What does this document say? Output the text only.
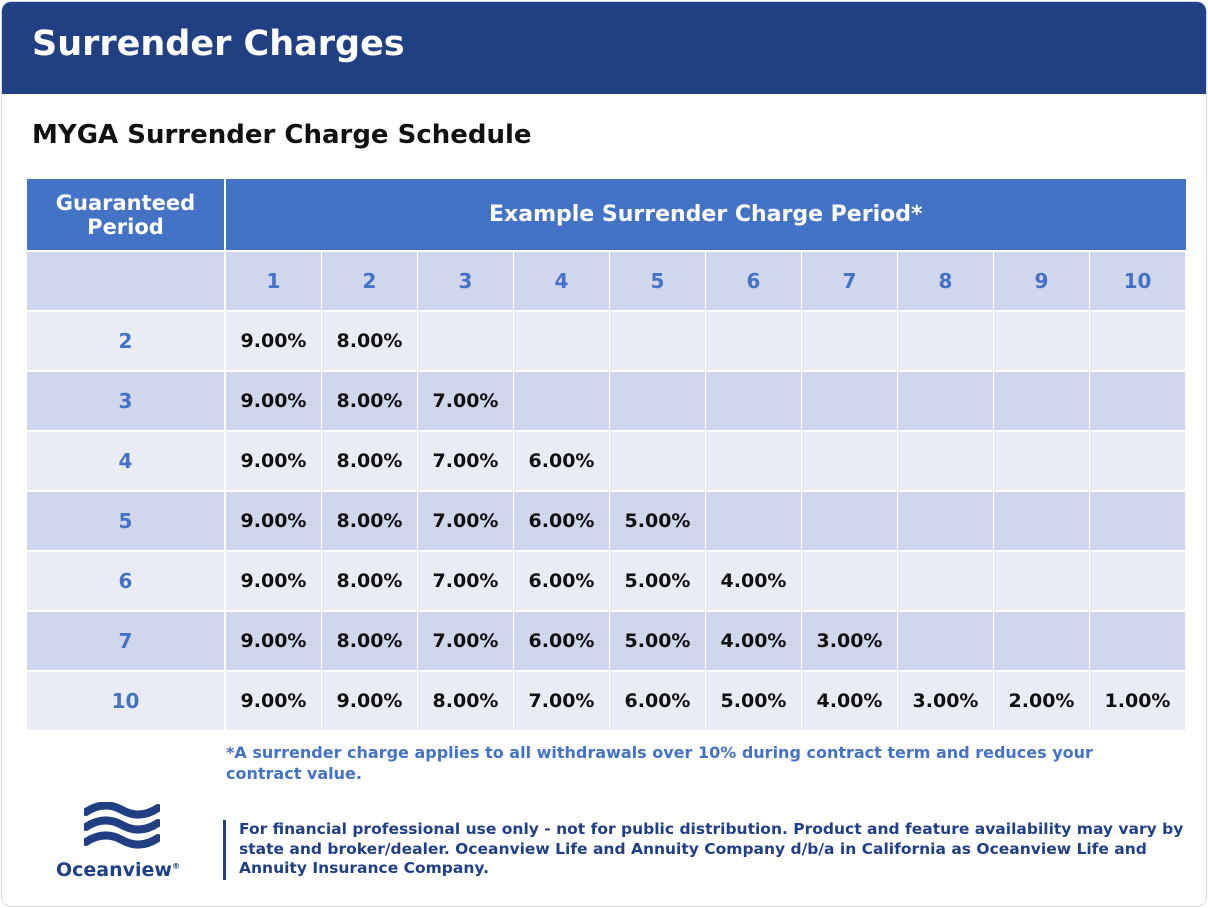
Surrender Charges
MYGA Surrender Charge Schedule
Guaranteed Period	Example Surrender Charge Period*									
	1	2	3	4	5	6	7	8	9	10
2	9.00%	8.00%								
3	9.00%	8.00%	7.00%							
4	9.00%	8.00%	7.00%	6.00%						
5	9.00%	8.00%	7.00%	6.00%	5.00%					
6	9.00%	8.00%	7.00%	6.00%	5.00%	4.00%				
7	9.00%	8.00%	7.00%	6.00%	5.00%	4.00%	3.00%			
10	9.00%	9.00%	8.00%	7.00%	6.00%	5.00%	4.00%	3.00%	2.00%	1.00%

*A surrender charge applies to all withdrawals over 10% during contract term and reduces your contract value.

Oceanview®

For financial professional use only - not for public distribution. Product and feature availability may vary by state and broker/dealer. Oceanview Life and Annuity Company d/b/a in California as Oceanview Life and Annuity Insurance Company.
